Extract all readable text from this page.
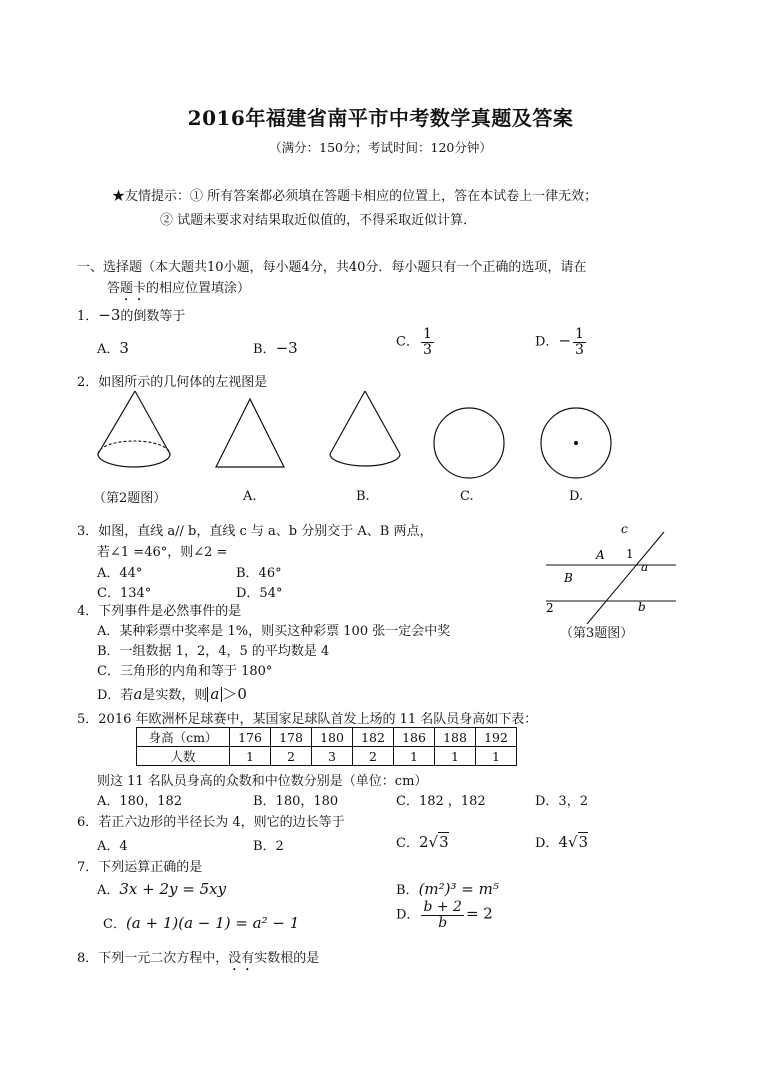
2016年福建省南平市中考数学真题及答案
（满分：150分；考试时间：120分钟）
★友情提示：① 所有答案都必须填在答题卡相应的位置上，答在本试卷上一律无效；
② 试题未要求对结果取近似值的，不得采取近似计算．
一、选择题（本大题共10小题，每小题4分，共40分．每小题只有一个正确的选项，请在
答题卡的相应位置填涂）
1．−3的倒数等于
A．3	B．−3	C． $\frac{1}{3}$	D．− $\frac{1}{3}$
2．如图所示的几何体的左视图是
（第2题图）	A.	B.	C.	D.
3．如图，直线 a// b，直线 c 与 a、b 分别交于 A、B 两点，
若∠1 =46°，则∠2 =
A．44°	B．46°
C．134°	D．54°
c
A 1
a
B
2	b
（第3题图）
4．下列事件是必然事件的是
A．某种彩票中奖率是 1%，则买这种彩票 100 张一定会中奖
B．一组数据 1，2，4，5 的平均数是 4
C．三角形的内角和等于 180°
D．若a是实数，则 a ＞0
5．2016 年欧洲杯足球赛中，某国家足球队首发上场的 11 名队员身高如下表：
身高（cm）	176	178	180	182	186	188	192
人数	1	2	3	2	1	1	1
则这 11 名队员身高的众数和中位数分别是（单位：cm）
A．180，182	B．180，180	C．182 ，182	D．3，2
6．若正六边形的半径长为 4，则它的边长等于
A．4	B．2	C．2√3	D．4√3
7．下列运算正确的是
A．3x + 2y = 5xy	B．(m²)³ = m⁵
C．(a + 1)(a − 1) = a² − 1	D． $\frac{b + 2}{b} = 2$
8．下列一元二次方程中，没有实数根的是
